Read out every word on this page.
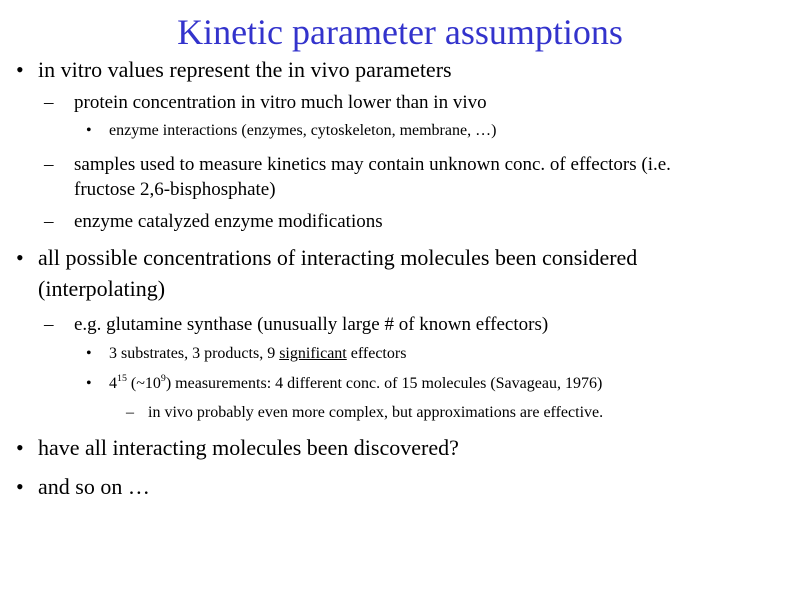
Kinetic parameter assumptions
• in vitro values represent the in vivo parameters
– protein concentration in vitro much lower than in vivo
• enzyme interactions (enzymes, cytoskeleton, membrane, …)
– samples used to measure kinetics may contain unknown conc. of effectors (i.e.
fructose 2,6-bisphosphate)
– enzyme catalyzed enzyme modifications
• all possible concentrations of interacting molecules been considered
(interpolating)
– e.g. glutamine synthase (unusually large # of known effectors)
• 3 substrates, 3 products, 9 significant effectors
• $4^{15}$ $(\sim 10^9)$ measurements: 4 different conc. of 15 molecules (Savageau, 1976)
– in vivo probably even more complex, but approximations are effective.
• have all interacting molecules been discovered?
• and so on …
